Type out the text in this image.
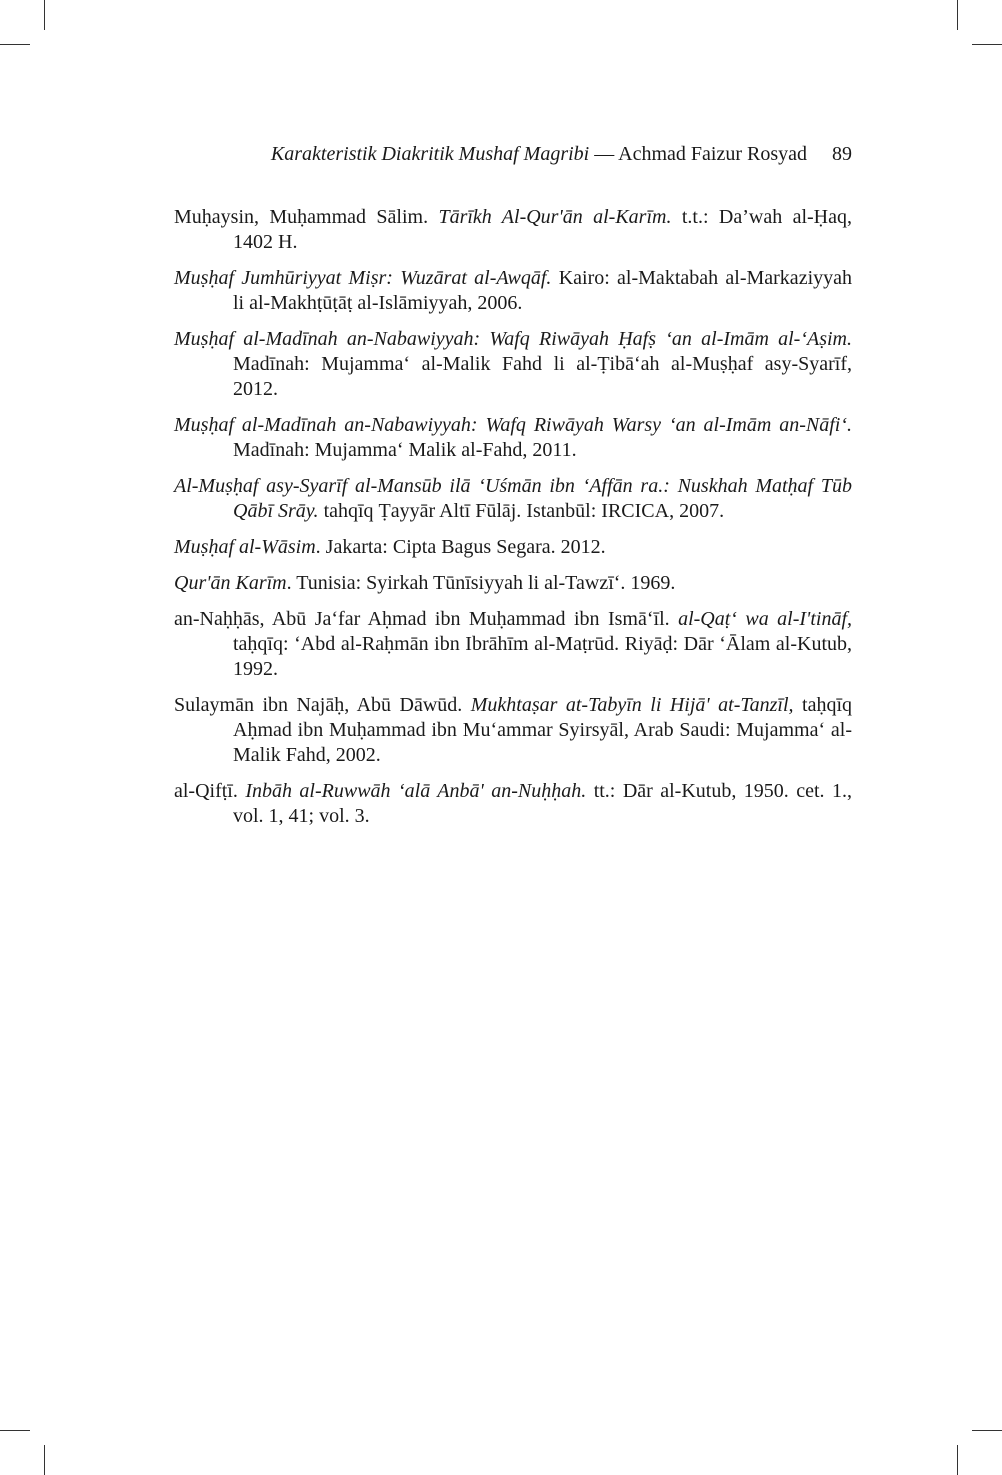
Karakteristik Diakritik Mushaf Magribi — Achmad Faizur Rosyad 89

Muḥaysin, Muḥammad Sālim. Tārīkh Al-Qur'ān al-Karīm. t.t.: Da’wah al-Ḥaq, 1402 H.

Muṣḥaf Jumhūriyyat Miṣr: Wuzārat al-Awqāf. Kairo: al-Maktabah al-Markaziyyah li al-Makhṭūṭāṭ al-Islāmiyyah, 2006.

Muṣḥaf al-Madīnah an-Nabawiyyah: Wafq Riwāyah Ḥafṣ ‘an al-Imām al-‘Aṣim. Madīnah: Mujamma‘ al-Malik Fahd li al-Ṭibā‘ah al-Muṣḥaf asy-Syarīf, 2012.

Muṣḥaf al-Madīnah an-Nabawiyyah: Wafq Riwāyah Warsy ‘an al-Imām an-Nāfi‘. Madīnah: Mujamma‘ Malik al-Fahd, 2011.

Al-Muṣḥaf asy-Syarīf al-Mansūb ilā ‘Uśmān ibn ‘Affān ra.: Nuskhah Matḥaf Tūb Qābī Srāy. tahqīq Ṭayyār Altī Fūlāj. Istanbūl: IRCICA, 2007.

Muṣḥaf al-Wāsim. Jakarta: Cipta Bagus Segara. 2012.

Qur'ān Karīm. Tunisia: Syirkah Tūnīsiyyah li al-Tawzī‘. 1969.

an-Naḥḥās, Abū Ja‘far Aḥmad ibn Muḥammad ibn Ismā‘īl. al-Qaṭ‘ wa al-I'tināf, taḥqīq: ‘Abd al-Raḥmān ibn Ibrāhīm al-Maṭrūd. Riyāḍ: Dār ‘Ālam al-Kutub, 1992.

Sulaymān ibn Najāḥ, Abū Dāwūd. Mukhtaṣar at-Tabyīn li Hijā' at-Tanzīl, taḥqīq Aḥmad ibn Muḥammad ibn Mu‘ammar Syirsyāl, Arab Saudi: Mujamma‘ al-Malik Fahd, 2002.

al-Qifṭī. Inbāh al-Ruwwāh ‘alā Anbā' an-Nuḥḥah. tt.: Dār al-Kutub, 1950. cet. 1., vol. 1, 41; vol. 3.
